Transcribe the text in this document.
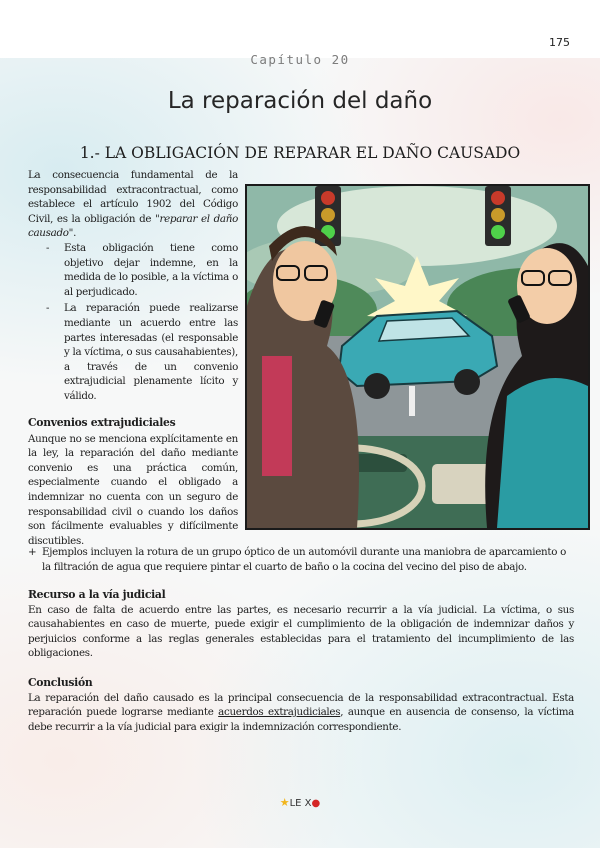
175
Capítulo 20
La reparación del daño
1.- LA OBLIGACIÓN DE REPARAR EL DAÑO CAUSADO

La consecuencia fundamental de la responsabilidad extracontractual, como establece el artículo 1902 del Código Civil, es la obligación de "reparar el daño causado".

- Esta obligación tiene como objetivo dejar indemne, en la medida de lo posible, a la víctima o al perjudicado.
- La reparación puede realizarse mediante un acuerdo entre las partes interesadas (el responsable y la víctima, o sus causahabientes), a través de un convenio extrajudicial plenamente lícito y válido.
Convenios extrajudiciales

Aunque no se menciona explícitamente en la ley, la reparación del daño mediante convenio es una práctica común, especialmente cuando el obligado a indemnizar no cuenta con un seguro de responsabilidad civil o cuando los daños son fácilmente evaluables y difícilmente discutibles.

+ Ejemplos incluyen la rotura de un grupo óptico de un automóvil durante una maniobra de aparcamiento o la filtración de agua que requiere pintar el cuarto de baño o la cocina del vecino del piso de abajo.
Recurso a la vía judicial

En caso de falta de acuerdo entre las partes, es necesario recurrir a la vía judicial. La víctima, o sus causahabientes en caso de muerte, puede exigir el cumplimiento de la obligación de indemnizar daños y perjuicios conforme a las reglas generales establecidas para el tratamiento del incumplimiento de las obligaciones.

Conclusión

La reparación del daño causado es la principal consecuencia de la responsabilidad extracontractual. Esta reparación puede lograrse mediante acuerdos extrajudiciales, aunque en ausencia de consenso, la víctima debe recurrir a la vía judicial para exigir la indemnización correspondiente.

★LE X●
